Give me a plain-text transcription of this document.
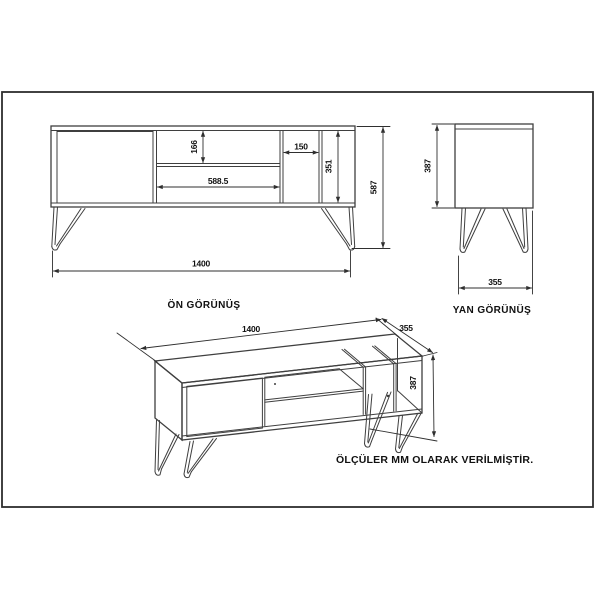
166
588.5
150
351
587
1400
ÖN GÖRÜNÜŞ
387
355
YAN GÖRÜNÜŞ
1400	355
387
ÖLÇÜLER MM OLARAK VERİLMİŞTİR.
